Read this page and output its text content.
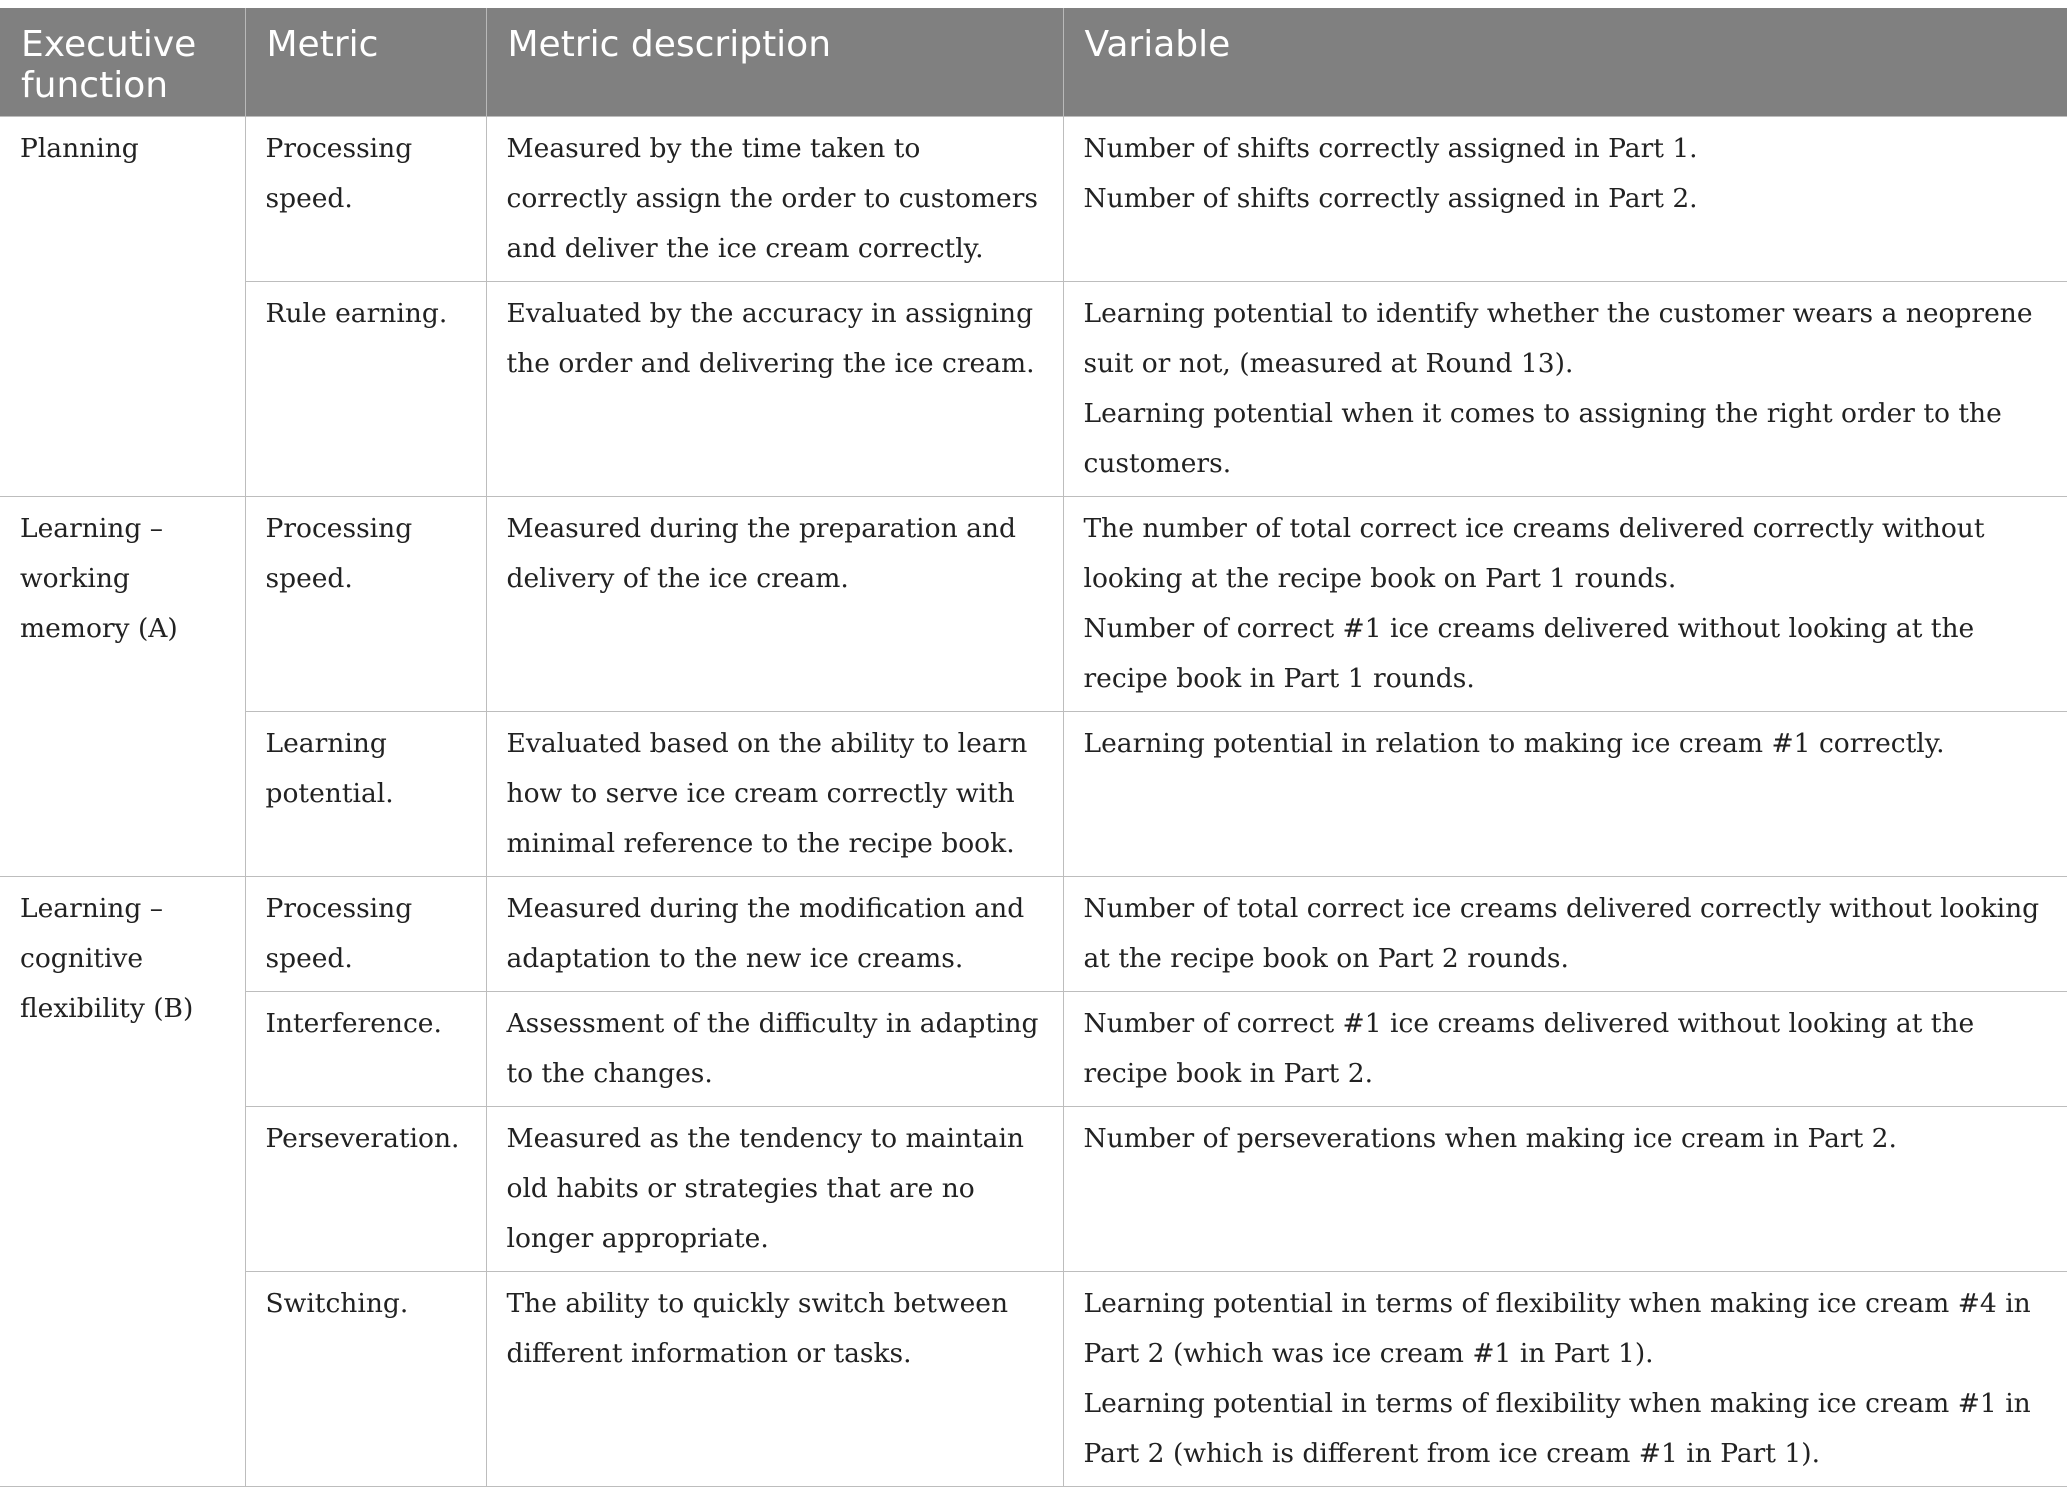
Executive function	Metric	Metric description	Variable
Planning	Processing speed.	Measured by the time taken to correctly assign the order to customers and deliver the ice cream correctly.	Number of shifts correctly assigned in Part 1.
Number of shifts correctly assigned in Part 2.

	Rule earning.	Evaluated by the accuracy in assigning the order and delivering the ice cream.	Learning potential to identify whether the customer wears a neoprene suit or not, (measured at Round 13).
Learning potential when it comes to assigning the right order to the customers.

Learning – working memory (A)	Processing speed.	Measured during the preparation and delivery of the ice cream.	The number of total correct ice creams delivered correctly without looking at the recipe book on Part 1 rounds.
Number of correct #1 ice creams delivered without looking at the recipe book in Part 1 rounds.

	Learning potential.	Evaluated based on the ability to learn how to serve ice cream correctly with minimal reference to the recipe book.	Learning potential in relation to making ice cream #1 correctly.

Learning – cognitive flexibility (B)	Processing speed.	Measured during the modification and adaptation to the new ice creams.	Number of total correct ice creams delivered correctly without looking at the recipe book on Part 2 rounds.

	Interference.	Assessment of the difficulty in adapting to the changes.	Number of correct #1 ice creams delivered without looking at the recipe book in Part 2.

	Perseveration.	Measured as the tendency to maintain old habits or strategies that are no longer appropriate.	Number of perseverations when making ice cream in Part 2.

	Switching.	The ability to quickly switch between different information or tasks.	Learning potential in terms of flexibility when making ice cream #4 in Part 2 (which was ice cream #1 in Part 1).
Learning potential in terms of flexibility when making ice cream #1 in Part 2 (which is different from ice cream #1 in Part 1).
